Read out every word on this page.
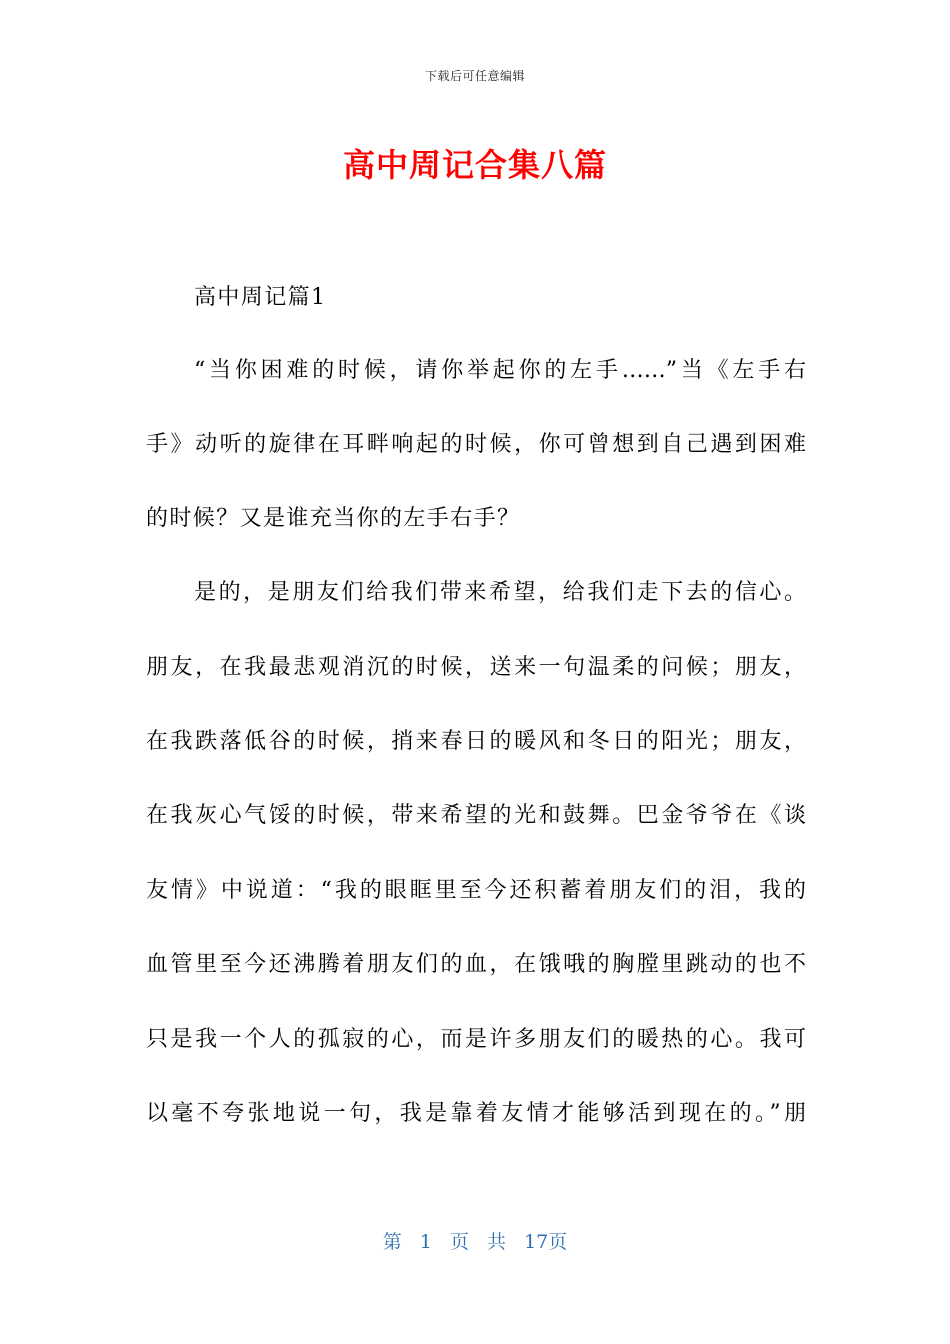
下载后可任意编辑
高中周记合集八篇
高中周记篇1
“当你困难的时候，请你举起你的左手……”当《左手右
手》动听的旋律在耳畔响起的时候，你可曾想到自己遇到困难
的时候？又是谁充当你的左手右手？
是的，是朋友们给我们带来希望，给我们走下去的信心。
朋友，在我最悲观消沉的时候，送来一句温柔的问候；朋友，
在我跌落低谷的时候，捎来春日的暖风和冬日的阳光；朋友，
在我灰心气馁的时候，带来希望的光和鼓舞。巴金爷爷在《谈
友情》中说道：“我的眼眶里至今还积蓄着朋友们的泪，我的
血管里至今还沸腾着朋友们的血，在饿哦的胸膛里跳动的也不
只是我一个人的孤寂的心，而是许多朋友们的暖热的心。我可
以毫不夸张地说一句，我是靠着友情才能够活到现在的。”朋
第 1 页 共 17页
